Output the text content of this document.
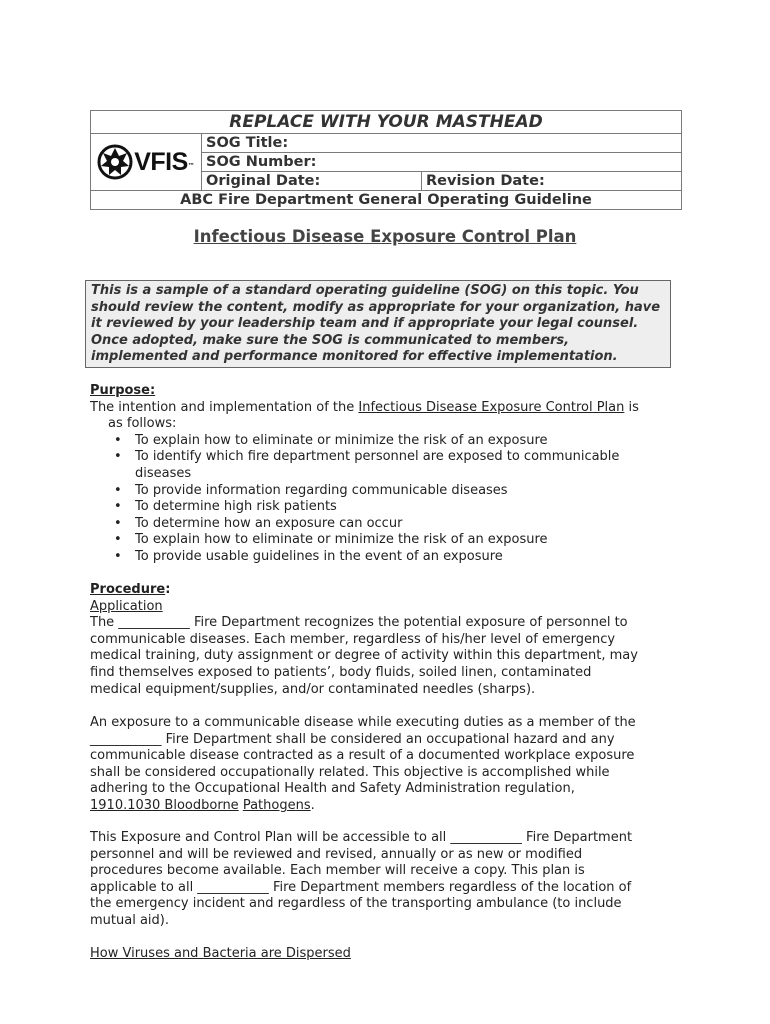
REPLACE WITH YOUR MASTHEAD		

VFIS ™	SOG Title:	
	SOG Number:	
	Original Date:	Revision Date:
ABC Fire Department General Operating Guideline		
Infectious Disease Exposure Control Plan
This is a sample of a standard operating guideline (SOG) on this topic. You should review the content, modify as appropriate for your organization, have it reviewed by your leadership team and if appropriate your legal counsel. Once adopted, make sure the SOG is communicated to members, implemented and performance monitored for effective implementation.

Purpose:

The intention and implementation of the Infectious Disease Exposure Control Plan is

as follows:

• To explain how to eliminate or minimize the risk of an exposure
• To identify which fire department personnel are exposed to communicable
diseases
• To provide information regarding communicable diseases
• To determine high risk patients
• To determine how an exposure can occur
• To explain how to eliminate or minimize the risk of an exposure
• To provide usable guidelines in the event of an exposure

Procedure:

Application

The ___________ Fire Department recognizes the potential exposure of personnel to
communicable diseases. Each member, regardless of his/her level of emergency
medical training, duty assignment or degree of activity within this department, may
find themselves exposed to patients’, body fluids, soiled linen, contaminated
medical equipment/supplies, and/or contaminated needles (sharps).

An exposure to a communicable disease while executing duties as a member of the
___________ Fire Department shall be considered an occupational hazard and any
communicable disease contracted as a result of a documented workplace exposure
shall be considered occupationally related. This objective is accomplished while
adhering to the Occupational Health and Safety Administration regulation,
1910.1030 Bloodborne Pathogens.
This Exposure and Control Plan will be accessible to all ___________ Fire Department
personnel and will be reviewed and revised, annually or as new or modified
procedures become available. Each member will receive a copy. This plan is
applicable to all ___________ Fire Department members regardless of the location of
the emergency incident and regardless of the transporting ambulance (to include
mutual aid).
How Viruses and Bacteria are Dispersed
